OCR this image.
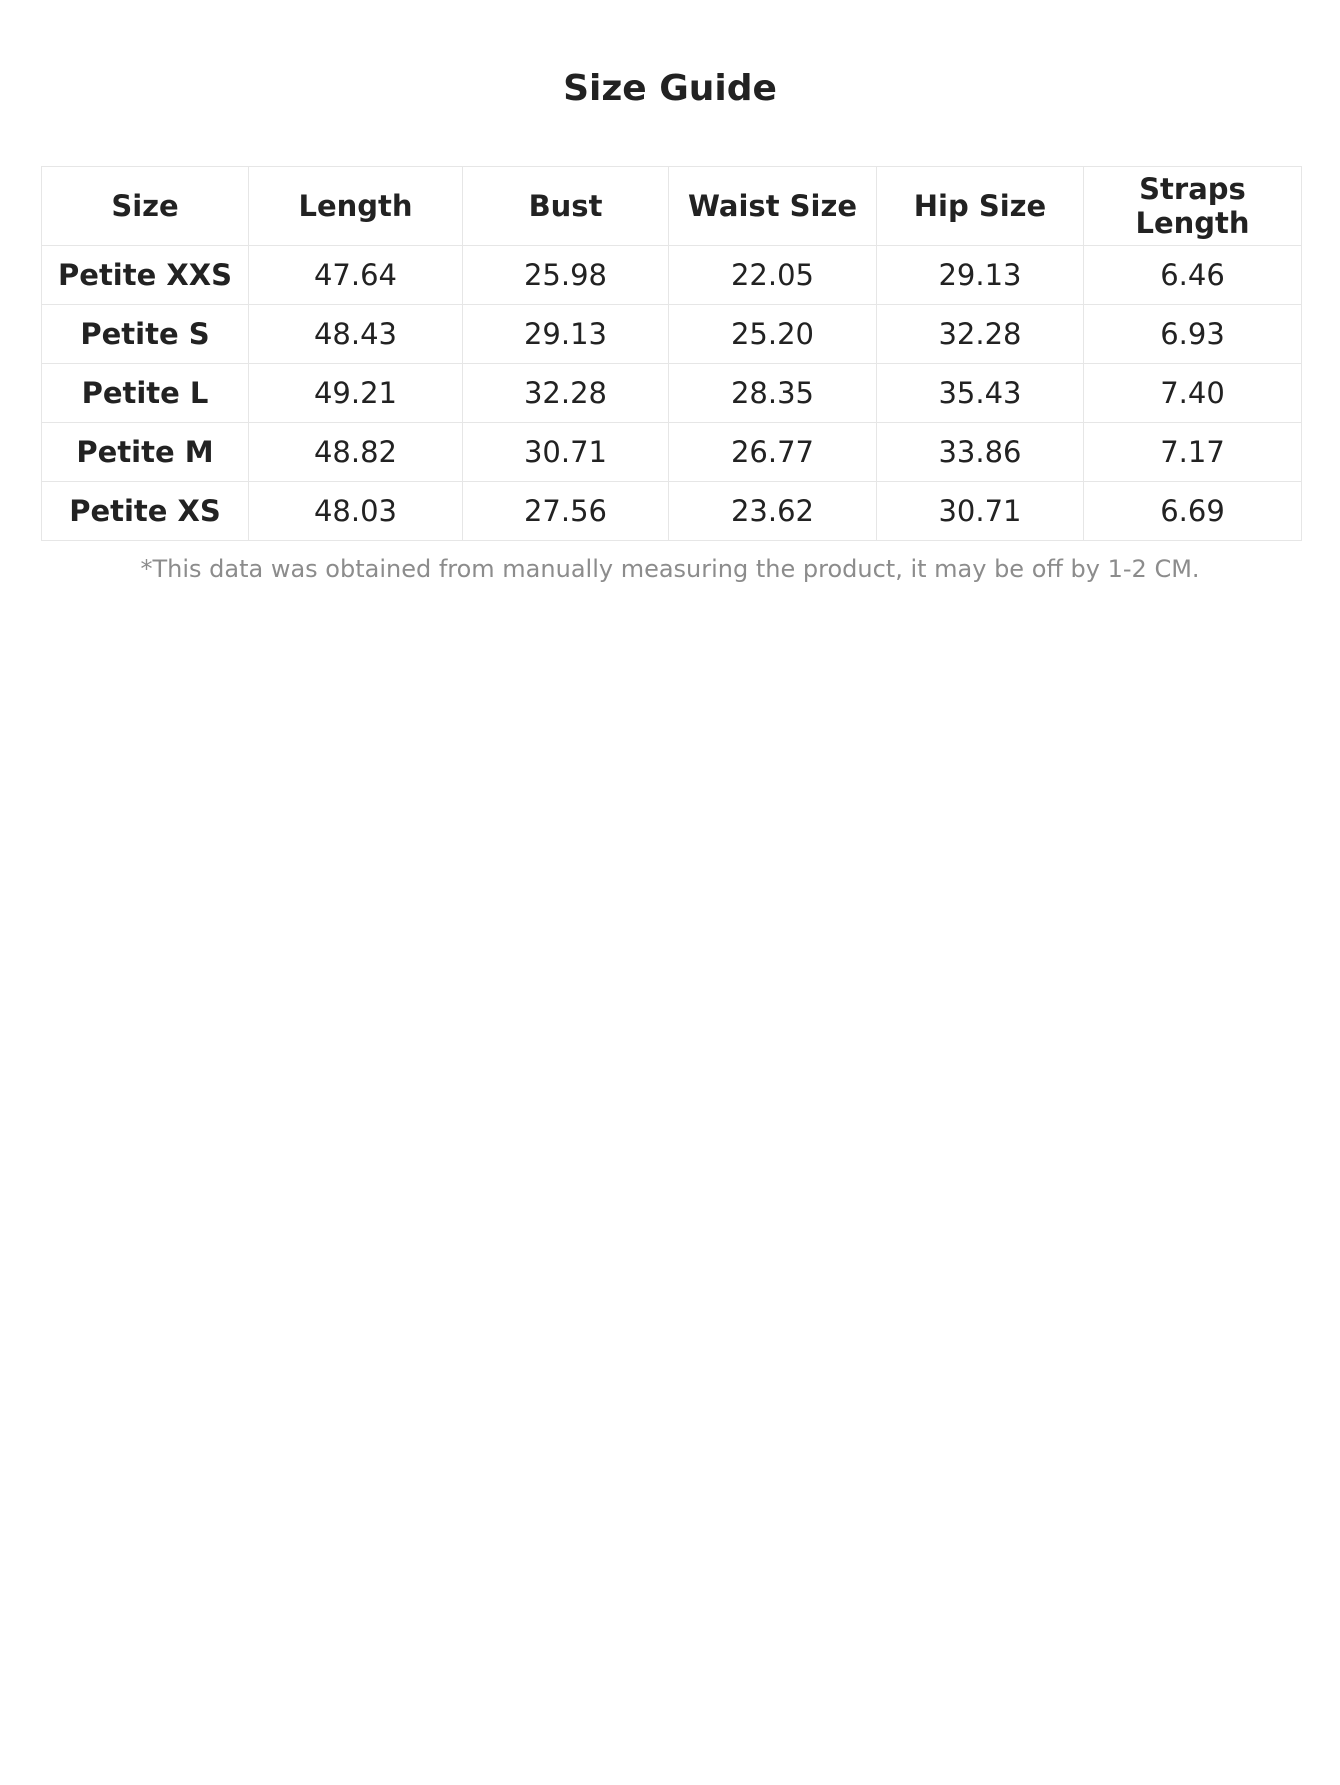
Size Guide
Size	Length	Bust	Waist Size	Hip Size	Straps Length
Petite XXS	47.64	25.98	22.05	29.13	6.46
Petite S	48.43	29.13	25.20	32.28	6.93
Petite L	49.21	32.28	28.35	35.43	7.40
Petite M	48.82	30.71	26.77	33.86	7.17
Petite XS	48.03	27.56	23.62	30.71	6.69
*This data was obtained from manually measuring the product, it may be off by 1-2 CM.
